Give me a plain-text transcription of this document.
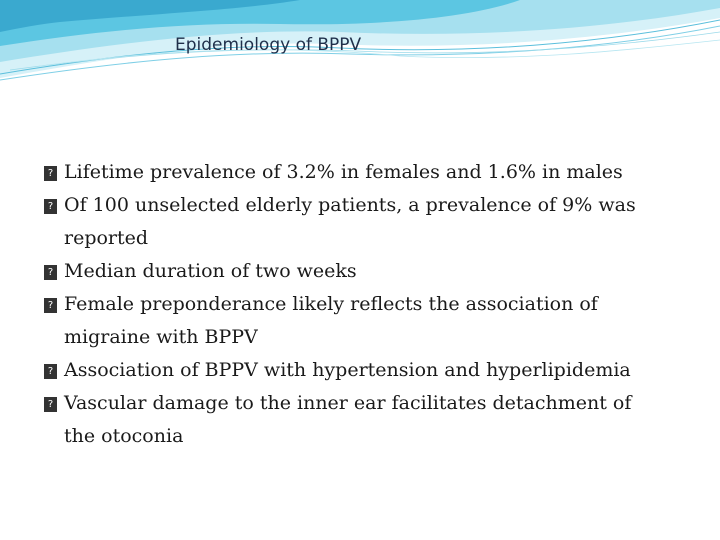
Epidemiology of BPPV
?
Lifetime prevalence of 3.2% in females and 1.6% in males
?
Of 100 unselected elderly patients, a prevalence of 9% was
reported
?
Median duration of two weeks
?
Female preponderance likely reflects the association of
migraine with BPPV
?
Association of BPPV with hypertension and hyperlipidemia
?
Vascular damage to the inner ear facilitates detachment of
the otoconia
